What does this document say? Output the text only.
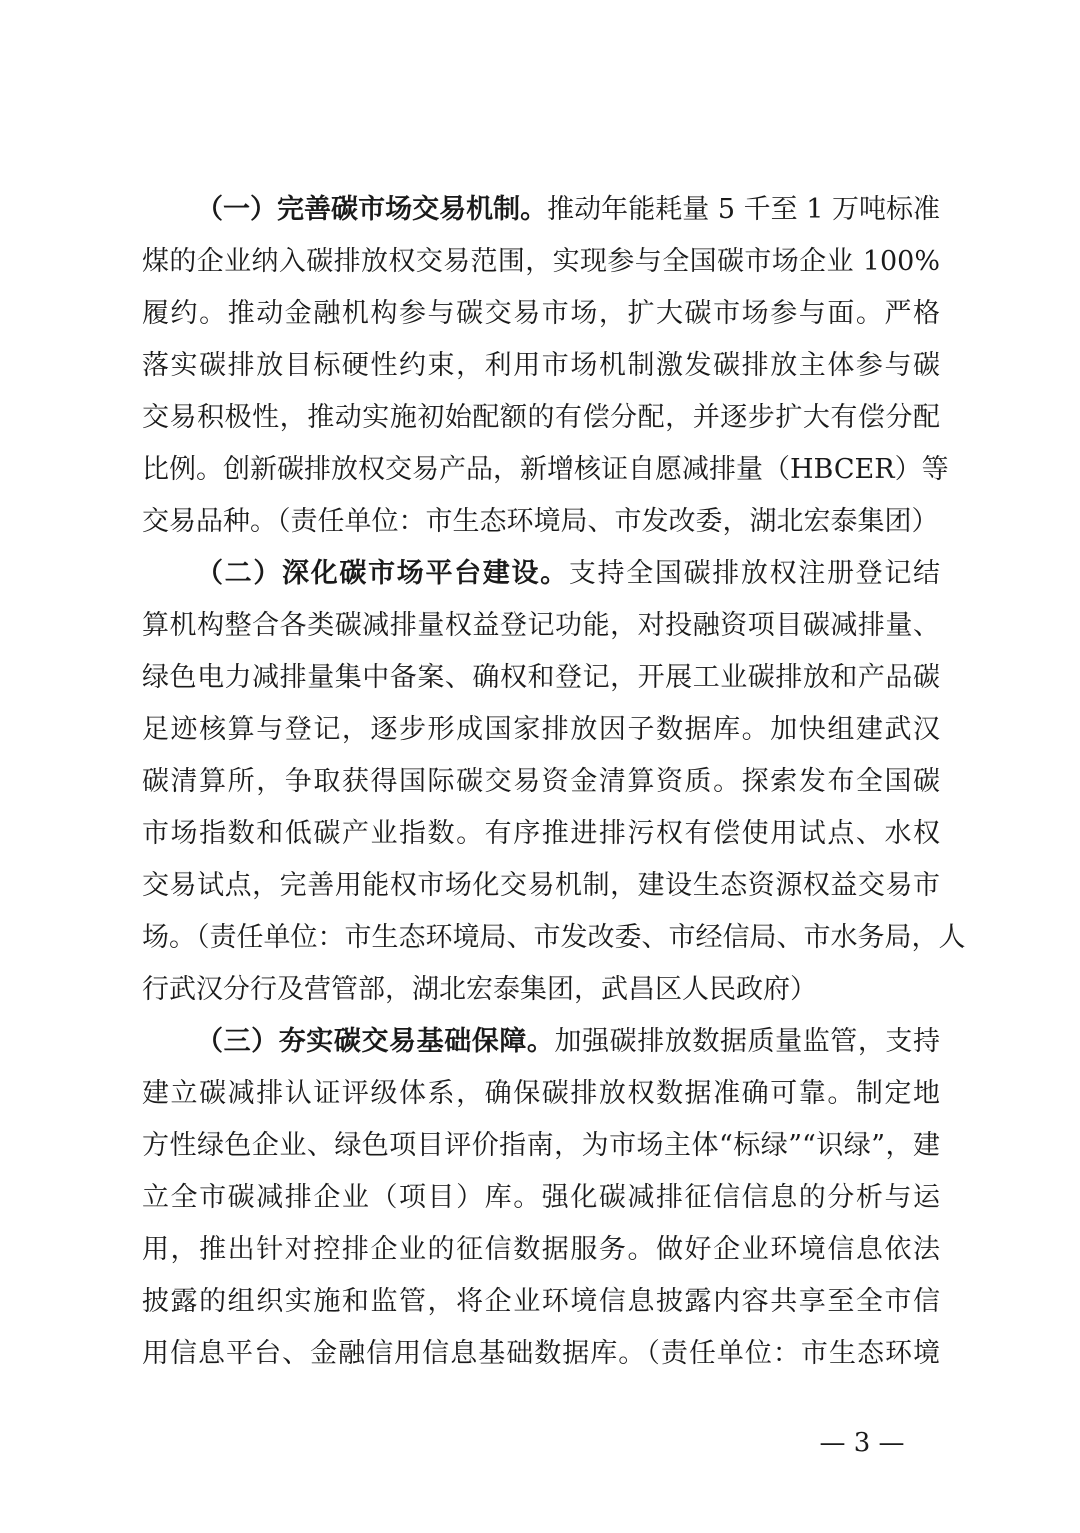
（一）完善碳市场交易机制。推动年能耗量 5 千至 1 万吨标准
煤的企业纳入碳排放权交易范围，实现参与全国碳市场企业 100%
履约。推动金融机构参与碳交易市场，扩大碳市场参与面。严格
落实碳排放目标硬性约束，利用市场机制激发碳排放主体参与碳
交易积极性，推动实施初始配额的有偿分配，并逐步扩大有偿分配
比例。创新碳排放权交易产品，新增核证自愿减排量（HBCER）等
交易品种。（责任单位：市生态环境局、市发改委，湖北宏泰集团）
（二）深化碳市场平台建设。支持全国碳排放权注册登记结
算机构整合各类碳减排量权益登记功能，对投融资项目碳减排量、
绿色电力减排量集中备案、确权和登记，开展工业碳排放和产品碳
足迹核算与登记，逐步形成国家排放因子数据库。加快组建武汉
碳清算所，争取获得国际碳交易资金清算资质。探索发布全国碳
市场指数和低碳产业指数。有序推进排污权有偿使用试点、水权
交易试点，完善用能权市场化交易机制，建设生态资源权益交易市
场。（责任单位：市生态环境局、市发改委、市经信局、市水务局，人
行武汉分行及营管部，湖北宏泰集团，武昌区人民政府）
（三）夯实碳交易基础保障。加强碳排放数据质量监管，支持
建立碳减排认证评级体系，确保碳排放权数据准确可靠。制定地
方性绿色企业、绿色项目评价指南，为市场主体“标绿”“识绿”，建
立全市碳减排企业（项目）库。强化碳减排征信信息的分析与运
用，推出针对控排企业的征信数据服务。做好企业环境信息依法
披露的组织实施和监管，将企业环境信息披露内容共享至全市信
用信息平台、金融信用信息基础数据库。（责任单位：市生态环境
— 3 —
